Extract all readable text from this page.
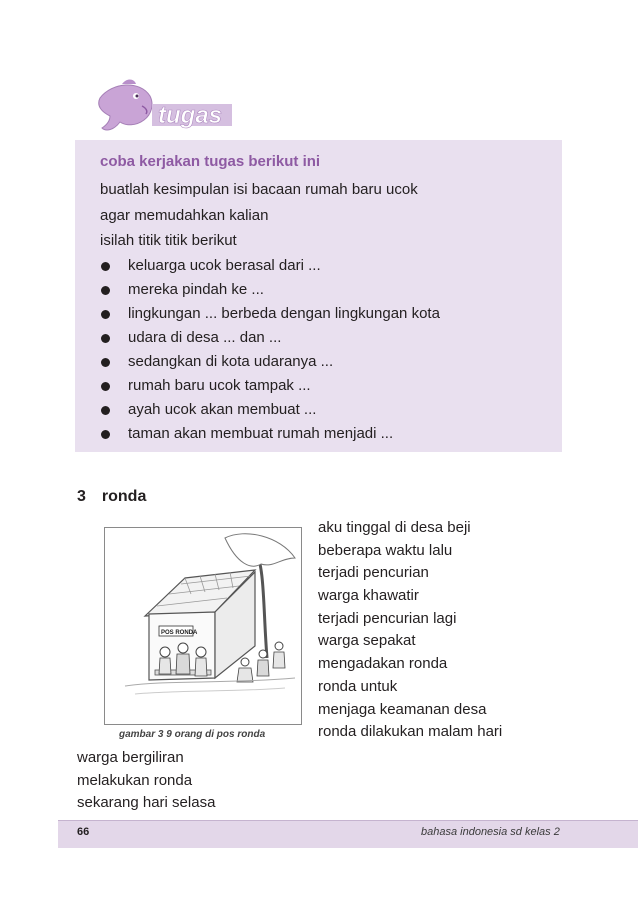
tugas

coba kerjakan tugas berikut ini

buatlah kesimpulan isi bacaan rumah baru ucok

agar memudahkan kalian

isilah titik titik berikut

keluarga ucok berasal dari ...
mereka pindah ke ...
lingkungan ... berbeda dengan lingkungan kota
udara di desa ... dan ...
sedangkan di kota udaranya ...
rumah baru ucok tampak ...
ayah ucok akan membuat ...
taman akan membuat rumah menjadi ...
3 ronda
POS RONDA
gambar 3 9 orang di pos ronda
aku tinggal di desa beji
beberapa waktu lalu
terjadi pencurian
warga khawatir
terjadi pencurian lagi
warga sepakat
mengadakan ronda
ronda untuk
menjaga keamanan desa
ronda dilakukan malam hari
warga bergiliran
melakukan ronda
sekarang hari selasa
66	bahasa indonesia sd kelas 2
